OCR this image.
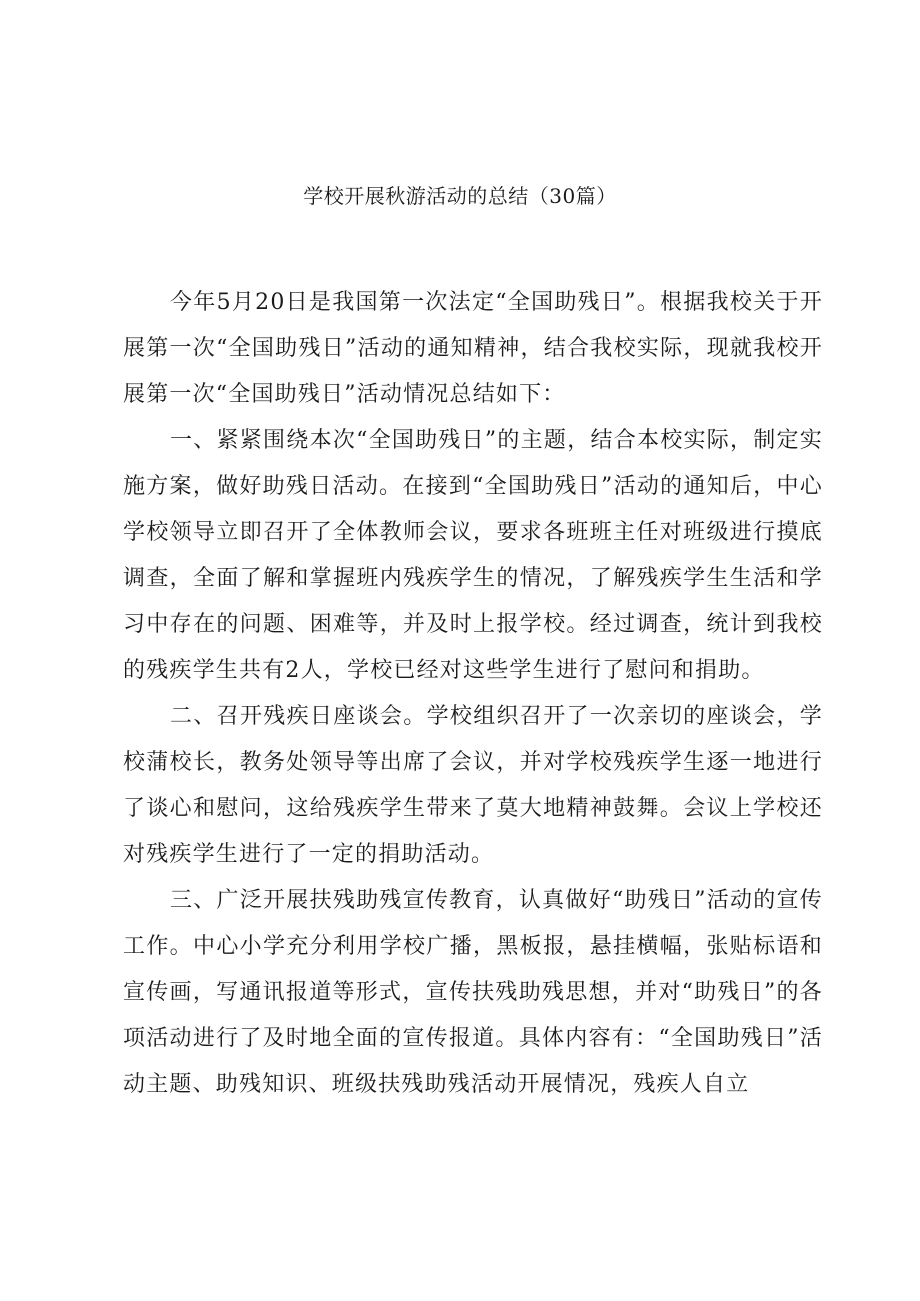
学校开展秋游活动的总结（30篇）

今年5月20日是我国第一次法定“全国助残日”。根据我校关于开展第一次“全国助残日”活动的通知精神，结合我校实际，现就我校开展第一次“全国助残日”活动情况总结如下：

一、紧紧围绕本次“全国助残日”的主题，结合本校实际，制定实施方案，做好助残日活动。在接到“全国助残日”活动的通知后，中心学校领导立即召开了全体教师会议，要求各班班主任对班级进行摸底调查，全面了解和掌握班内残疾学生的情况，了解残疾学生生活和学习中存在的问题、困难等，并及时上报学校。经过调查，统计到我校的残疾学生共有2人，学校已经对这些学生进行了慰问和捐助。

二、召开残疾日座谈会。学校组织召开了一次亲切的座谈会，学校蒲校长，教务处领导等出席了会议，并对学校残疾学生逐一地进行了谈心和慰问，这给残疾学生带来了莫大地精神鼓舞。会议上学校还对残疾学生进行了一定的捐助活动。

三、广泛开展扶残助残宣传教育，认真做好“助残日”活动的宣传工作。中心小学充分利用学校广播，黑板报，悬挂横幅，张贴标语和宣传画，写通讯报道等形式，宣传扶残助残思想，并对“助残日”的各项活动进行了及时地全面的宣传报道。具体内容有：“全国助残日”活动主题、助残知识、班级扶残助残活动开展情况，残疾人自立
